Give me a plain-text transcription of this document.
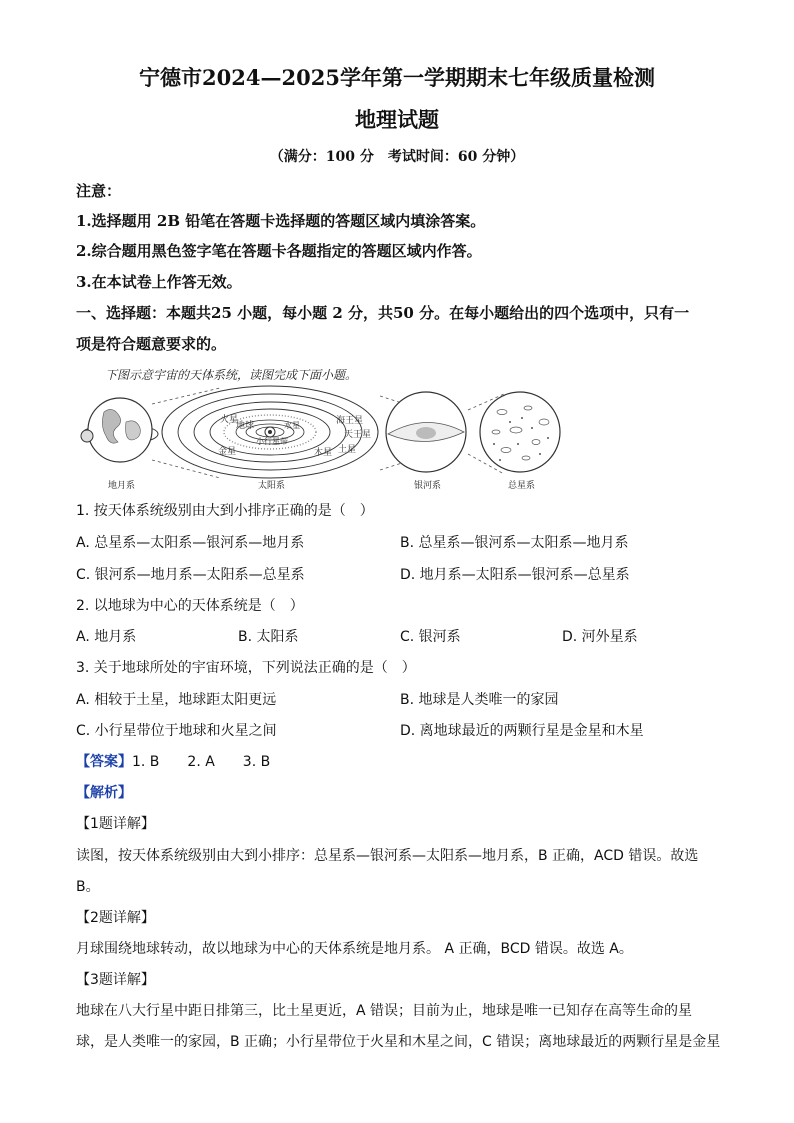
宁德市2024—2025学年第一学期期末七年级质量检测
地理试题
（满分：100 分　考试时间：60 分钟）
注意：
1.选择题用 2B 铅笔在答题卡选择题的答题区域内填涂答案。
2.综合题用黑色签字笔在答题卡各题指定的答题区域内作答。
3.在本试卷上作答无效。
一、选择题：本题共25 小题，每小题 2 分，共50 分。在每小题给出的四个选项中，只有一
项是符合题意要求的。
下图示意宇宙的天体系统，读图完成下面小题。
海王星
天王星
土星
木星
火星
地球
金星
水星
小行星带
地月系	太阳系	银河系	总星系
1. 按天体系统级别由大到小排序正确的是（　）
A. 总星系—太阳系—银河系—地月系	B. 总星系—银河系—太阳系—地月系
C. 银河系—地月系—太阳系—总星系	D. 地月系—太阳系—银河系—总星系
2. 以地球为中心的天体系统是（　）
A. 地月系	B. 太阳系	C. 银河系	D. 河外星系
3. 关于地球所处的宇宙环境，下列说法正确的是（　）
A. 相较于土星，地球距太阳更远	B. 地球是人类唯一的家园
C. 小行星带位于地球和火星之间	D. 离地球最近的两颗行星是金星和木星
【答案】1. B　　2. A　　3. B
【解析】
【1题详解】
读图，按天体系统级别由大到小排序：总星系—银河系—太阳系—地月系，B 正确，ACD 错误。故选
B。
【2题详解】
月球围绕地球转动，故以地球为中心的天体系统是地月系。 A 正确，BCD 错误。故选 A。
【3题详解】
地球在八大行星中距日排第三，比土星更近，A 错误；目前为止，地球是唯一已知存在高等生命的星
球，是人类唯一的家园，B 正确；小行星带位于火星和木星之间，C 错误；离地球最近的两颗行星是金星
